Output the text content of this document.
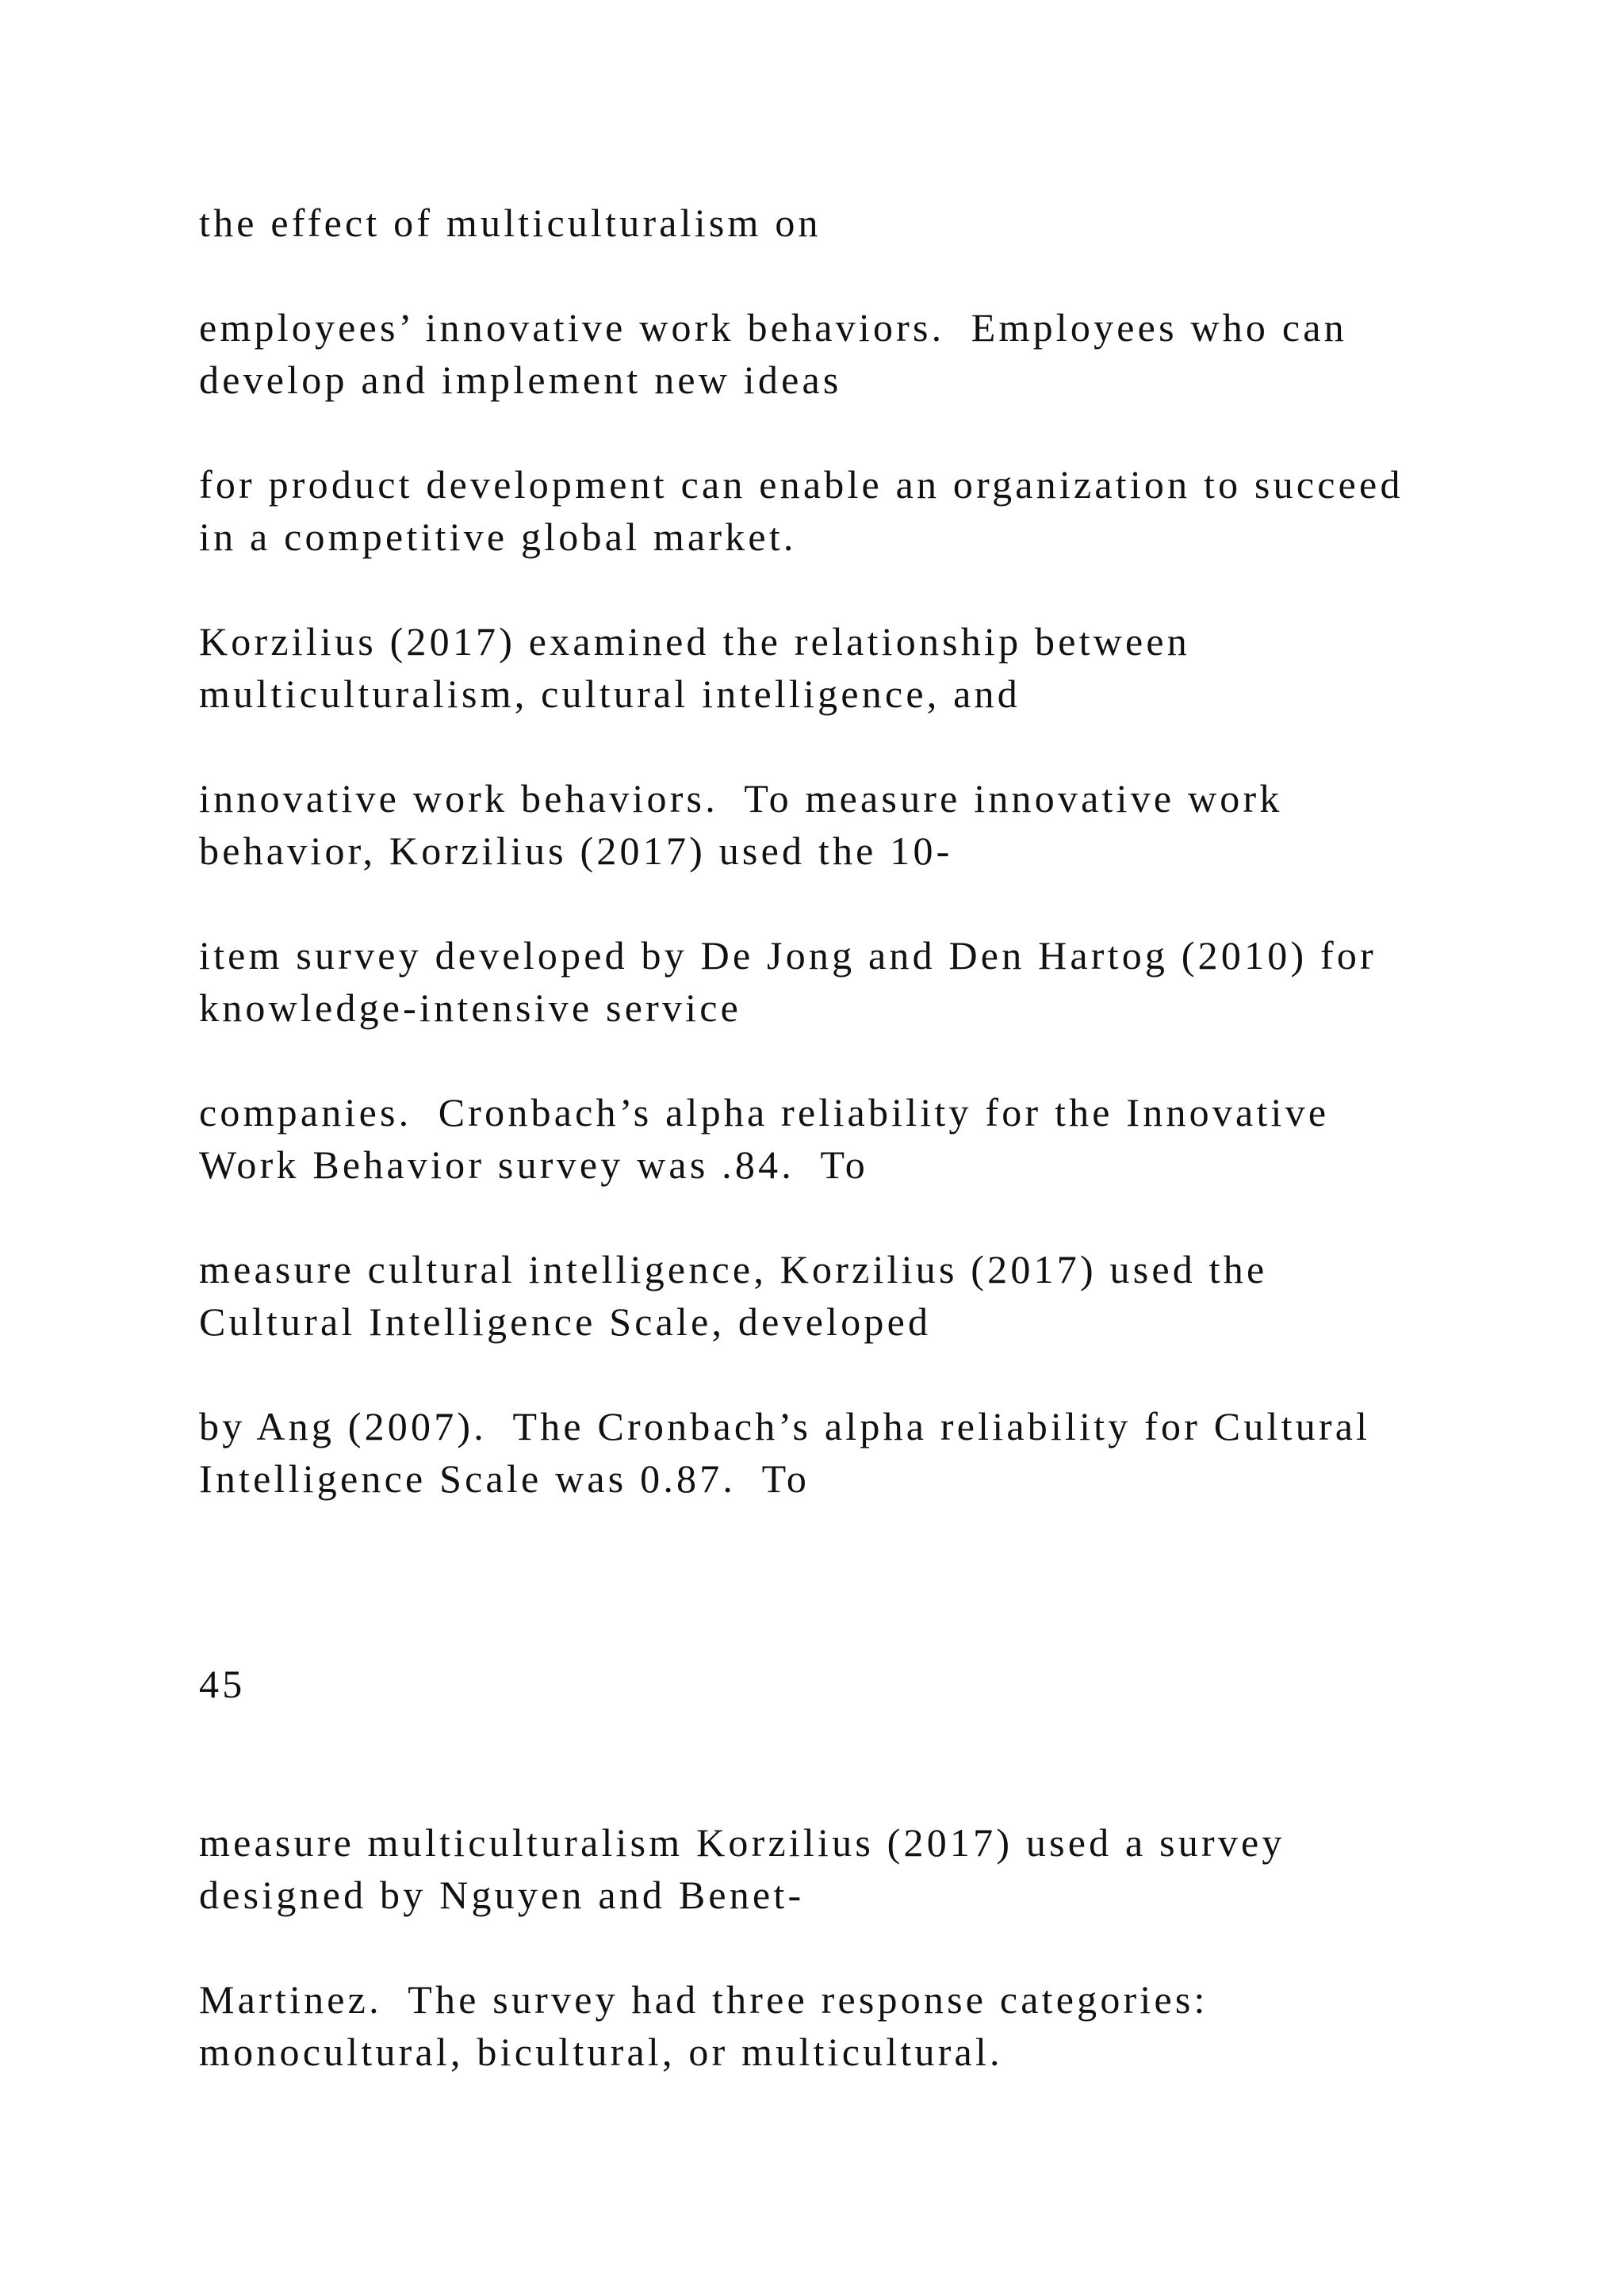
the effect of multiculturalism on
employees’ innovative work behaviors.  Employees who can
develop and implement new ideas
for product development can enable an organization to succeed
in a competitive global market.
Korzilius (2017) examined the relationship between
multiculturalism, cultural intelligence, and
innovative work behaviors.  To measure innovative work
behavior, Korzilius (2017) used the 10-
item survey developed by De Jong and Den Hartog (2010) for
knowledge-intensive service
companies.  Cronbach’s alpha reliability for the Innovative
Work Behavior survey was .84.  To
measure cultural intelligence, Korzilius (2017) used the
Cultural Intelligence Scale, developed
by Ang (2007).  The Cronbach’s alpha reliability for Cultural
Intelligence Scale was 0.87.  To
45
measure multiculturalism Korzilius (2017) used a survey
designed by Nguyen and Benet-
Martinez.  The survey had three response categories:
monocultural, bicultural, or multicultural.
